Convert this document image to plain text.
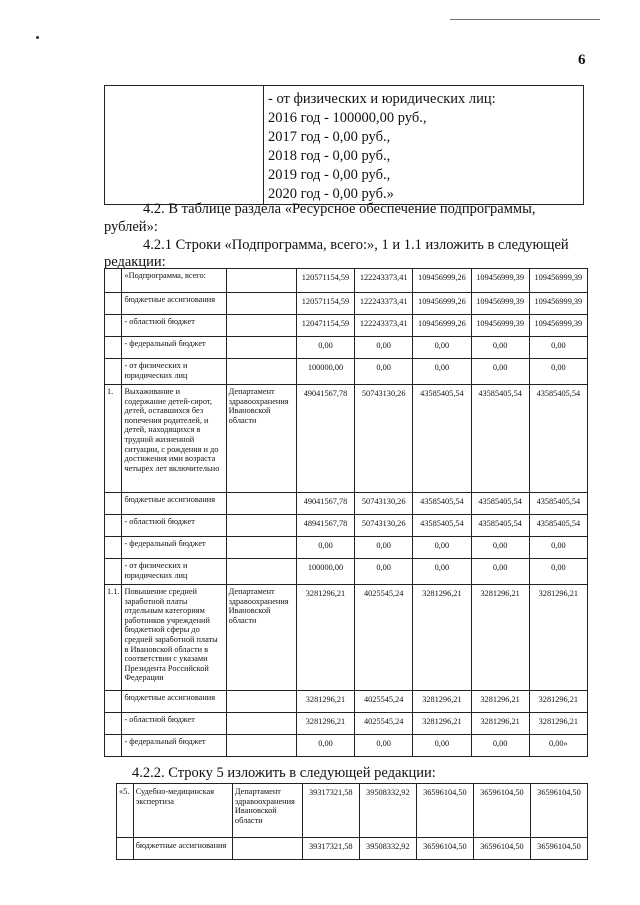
6

- от физических и юридических лиц:
2016 год - 100000,00 руб.,
2017 год - 0,00 руб.,
2018 год - 0,00 руб.,
2019 год - 0,00 руб.,
2020 год - 0,00 руб.»
4.2. В таблице раздела «Ресурсное обеспечение подпрограммы,
рублей»:
4.2.1 Строки «Подпрограмма, всего:», 1 и 1.1 изложить в следующей
редакции:
	«Подпрограмма, всего:		120571154,59	122243373,41	109456999,26	109456999,39	109456999,39
	бюджетные ассигнования		120571154,59	122243373,41	109456999,26	109456999,39	109456999,39
	- областной бюджет		120471154,59	122243373,41	109456999,26	109456999,39	109456999,39
	- федеральный бюджет		0,00	0,00	0,00	0,00	0,00
	- от физических и юридических лиц		100000,00	0,00	0,00	0,00	0,00
1.	Выхаживание и содержание детей-сирот, детей, оставшихся без попечения родителей, и детей, находящихся в трудной жизненной ситуации, с рождения и до достижения ими возраста четырех лет включительно	Департамент здравоохранения Ивановской области	49041567,78	50743130,26	43585405,54	43585405,54	43585405,54
	бюджетные ассигнования		49041567,78	50743130,26	43585405,54	43585405,54	43585405,54
	- областной бюджет		48941567,78	50743130,26	43585405,54	43585405,54	43585405,54
	- федеральный бюджет		0,00	0,00	0,00	0,00	0,00
	- от физических и юридических лиц		100000,00	0,00	0,00	0,00	0,00
1.1.	Повышение средней заработной платы отдельным категориям работников учреждений бюджетной сферы до средней заработной платы в Ивановской области в соответствии с указами Президента Российской Федерации	Департамент здравоохранения Ивановской области	3281296,21	4025545,24	3281296,21	3281296,21	3281296,21
	бюджетные ассигнования		3281296,21	4025545,24	3281296,21	3281296,21	3281296,21
	- областной бюджет		3281296,21	4025545,24	3281296,21	3281296,21	3281296,21
	- федеральный бюджет		0,00	0,00	0,00	0,00	0,00»
4.2.2. Строку 5 изложить в следующей редакции:
«5.	Судебно-медицинская экспертиза	Департамент здравоохранения Ивановской области	39317321,58	39508332,92	36596104,50	36596104,50	36596104,50
	бюджетные ассигнования		39317321,58	39508332,92	36596104,50	36596104,50	36596104,50
